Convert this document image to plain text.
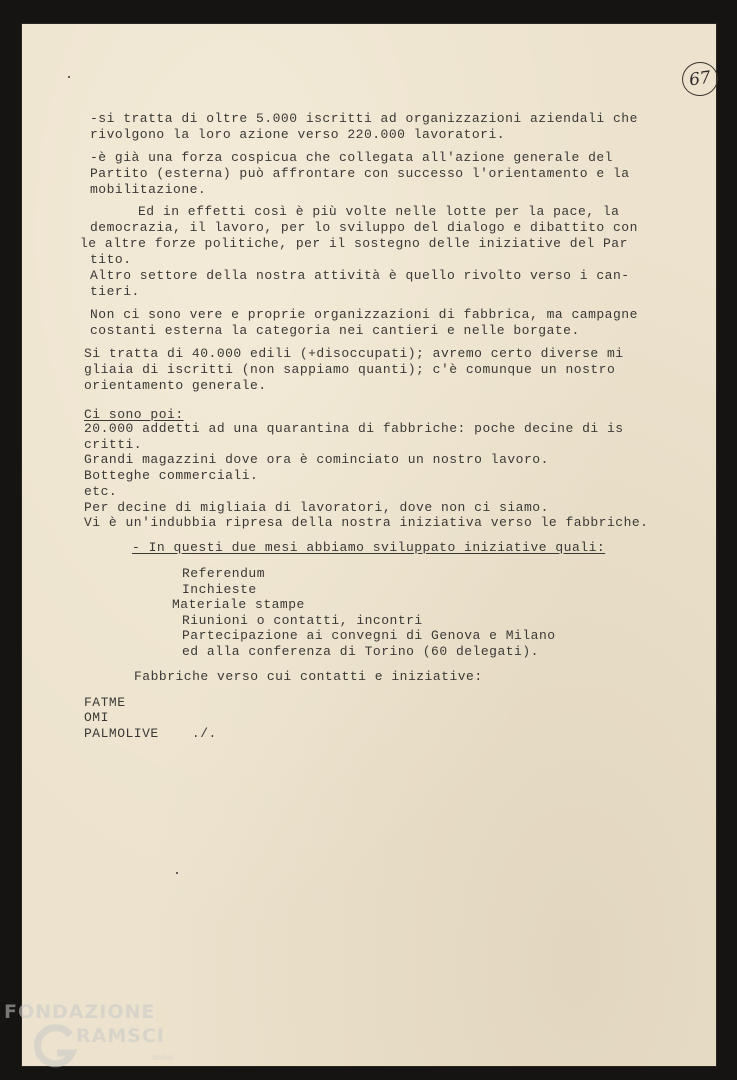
67
-si tratta di oltre 5.000 iscritti ad organizzazioni aziendali che
rivolgono la loro azione verso 220.000 lavoratori.
-è già una forza cospicua che collegata all'azione generale del
Partito (esterna) può affrontare con successo l'orientamento e la
mobilitazione.
Ed in effetti così è più volte nelle lotte per la pace, la
democrazia, il lavoro, per lo sviluppo del dialogo e dibattito con
le altre forze politiche, per il sostegno delle iniziative del Par
tito.
Altro settore della nostra attività è quello rivolto verso i can-
tieri.
Non ci sono vere e proprie organizzazioni di fabbrica, ma campagne
costanti esterna la categoria nei cantieri e nelle borgate.
Si tratta di 40.000 edili (+disoccupati); avremo certo diverse mi
gliaia di iscritti (non sappiamo quanti); c'è comunque un nostro
orientamento generale.
Ci sono poi:
20.000 addetti ad una quarantina di fabbriche: poche decine di is
critti.
Grandi magazzini dove ora è cominciato un nostro lavoro.
Botteghe commerciali.
etc.
Per decine di migliaia di lavoratori, dove non ci siamo.
Vi è un'indubbia ripresa della nostra iniziativa verso le fabbriche.
- In questi due mesi abbiamo sviluppato iniziative quali:
Referendum
Inchieste
Materiale stampe
Riunioni o contatti, incontri
Partecipazione ai convegni di Genova e Milano
ed alla conferenza di Torino (60 delegati).
Fabbriche verso cui contatti e iniziative:
FATME
OMI
PALMOLIVE    ./.
FONDAZIONE
RAMSCI
onlus
